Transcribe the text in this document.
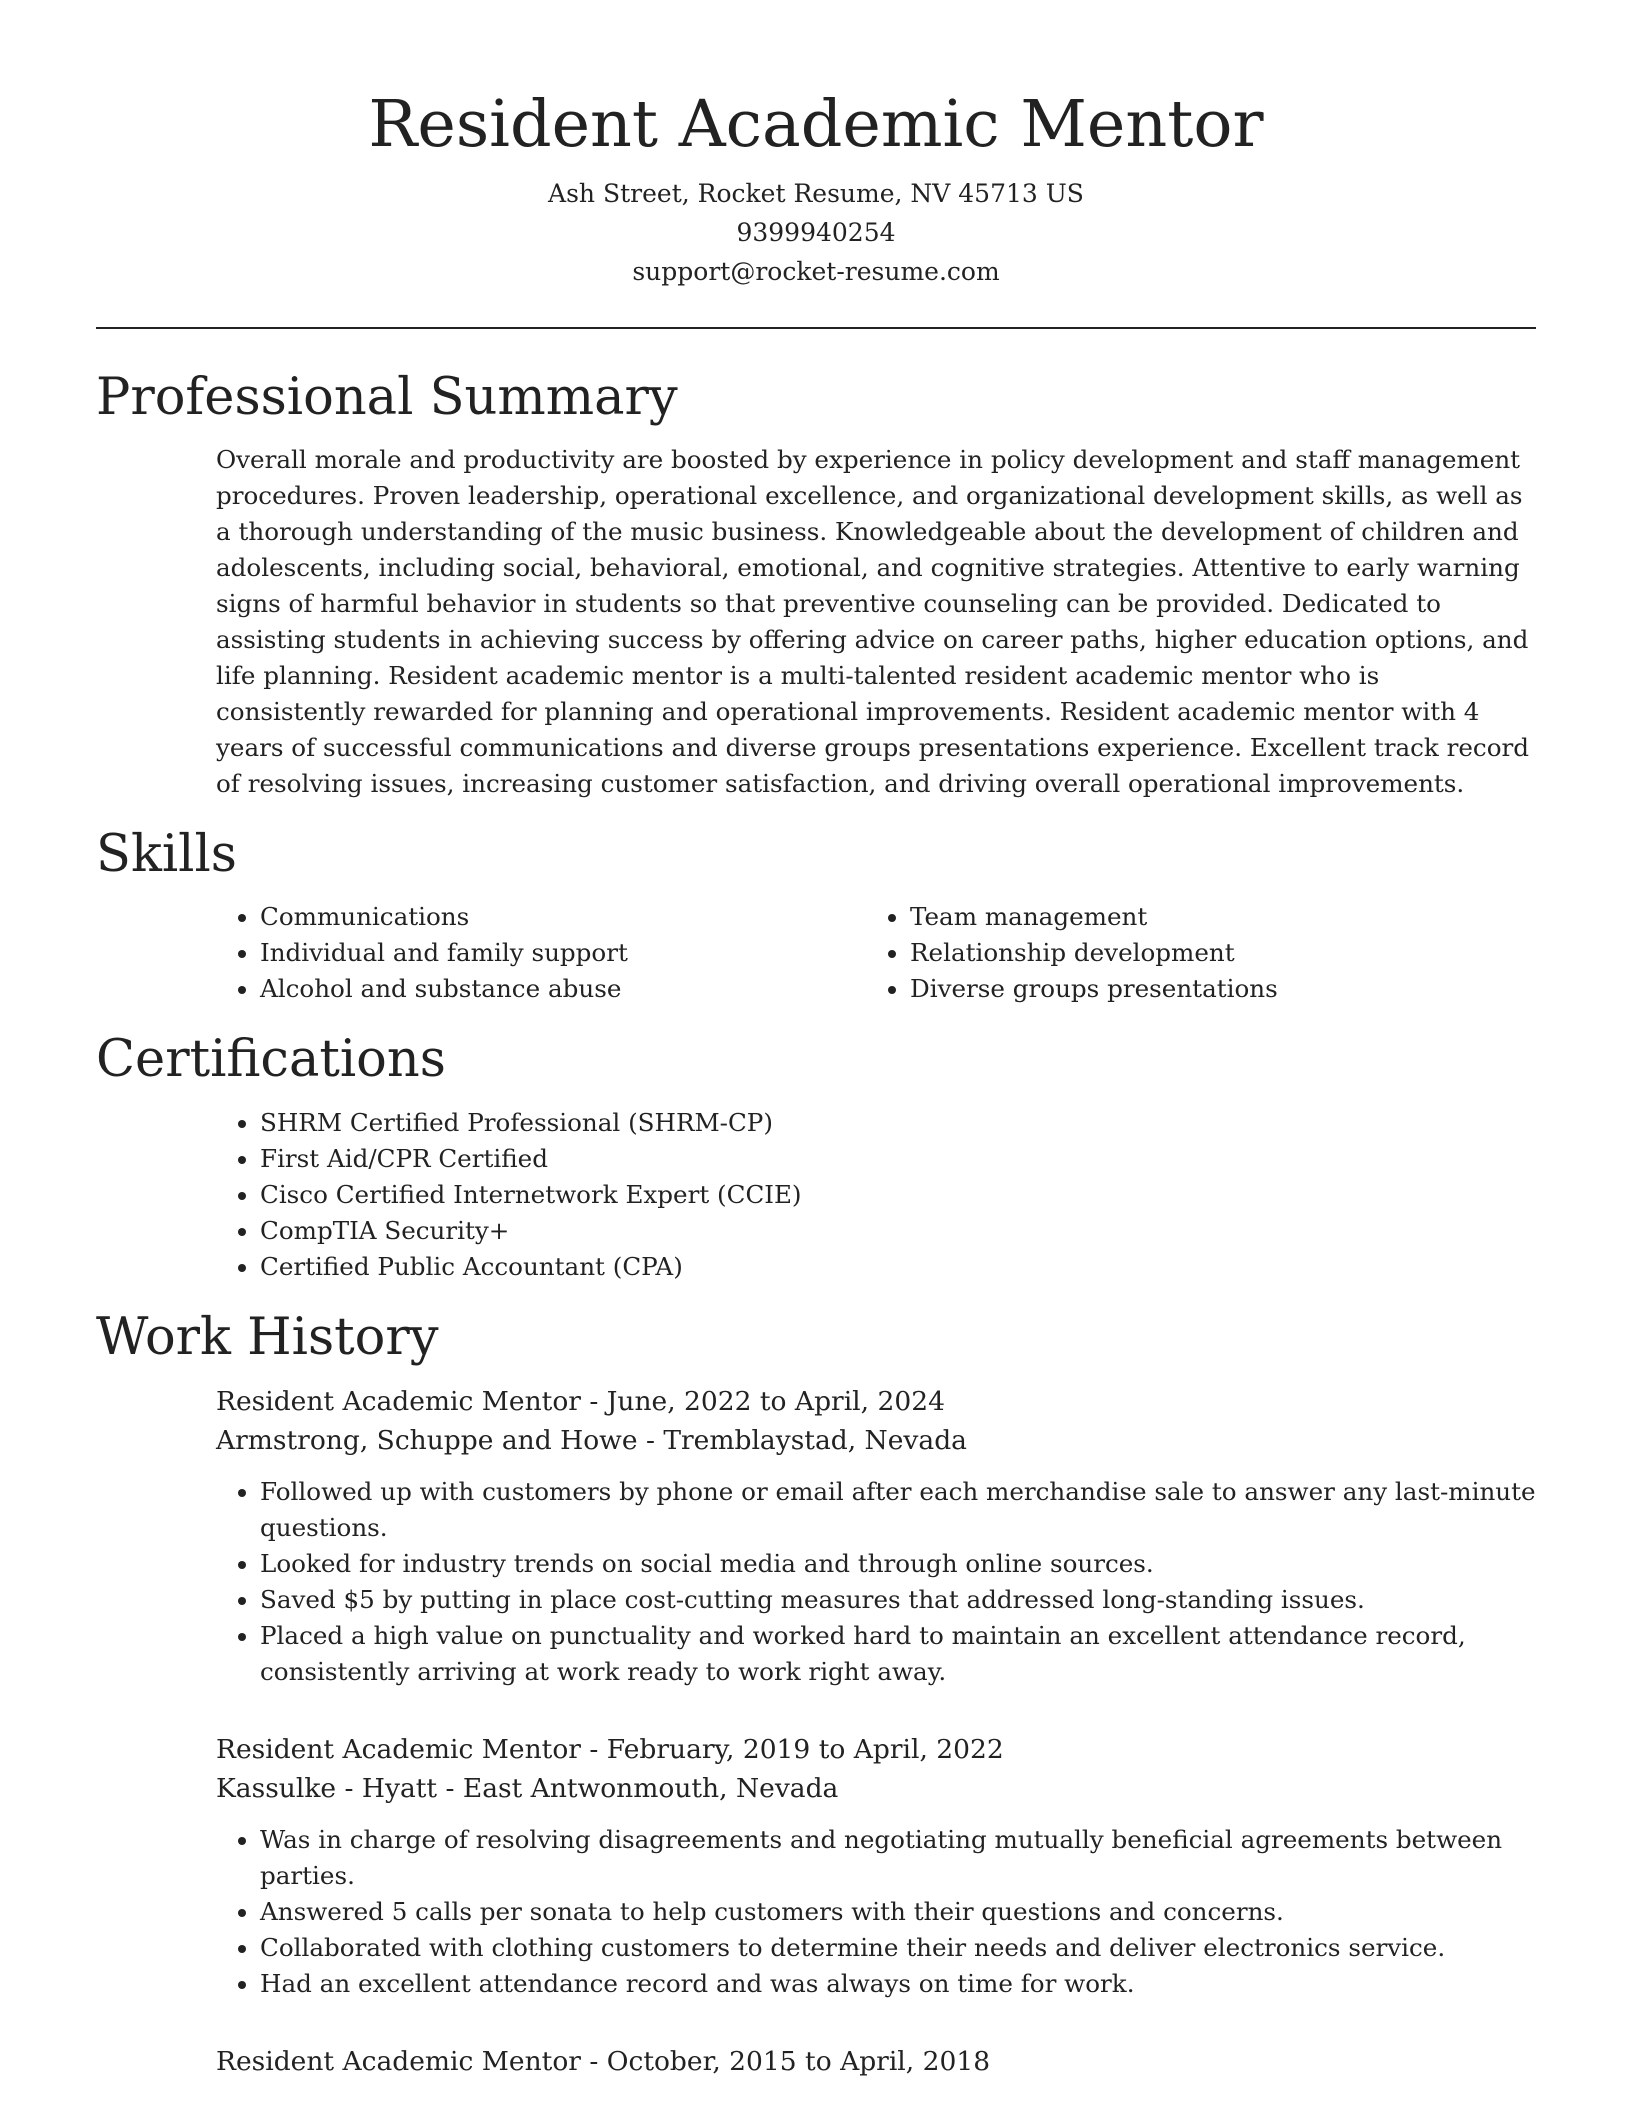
Resident Academic Mentor

Ash Street, Rocket Resume, NV 45713 US

9399940254

support@rocket-resume.com

Professional Summary

Overall morale and productivity are boosted by experience in policy development and staff management procedures. Proven leadership, operational excellence, and organizational development skills, as well as a thorough understanding of the music business. Knowledgeable about the development of children and adolescents, including social, behavioral, emotional, and cognitive strategies. Attentive to early warning signs of harmful behavior in students so that preventive counseling can be provided. Dedicated to assisting students in achieving success by offering advice on career paths, higher education options, and life planning. Resident academic mentor is a multi-talented resident academic mentor who is consistently rewarded for planning and operational improvements. Resident academic mentor with 4 years of successful communications and diverse groups presentations experience. Excellent track record of resolving issues, increasing customer satisfaction, and driving overall operational improvements.

Skills
• Communications
• Individual and family support
• Alcohol and substance abuse
• Team management
• Relationship development
• Diverse groups presentations
Certifications
• SHRM Certified Professional (SHRM-CP)
• First Aid/CPR Certified
• Cisco Certified Internetwork Expert (CCIE)
• CompTIA Security+
• Certified Public Accountant (CPA)
Work History

Resident Academic Mentor - June, 2022 to April, 2024

Armstrong, Schuppe and Howe - Tremblaystad, Nevada

• Followed up with customers by phone or email after each merchandise sale to answer any last-minute questions.
• Looked for industry trends on social media and through online sources.
• Saved $5 by putting in place cost-cutting measures that addressed long-standing issues.
• Placed a high value on punctuality and worked hard to maintain an excellent attendance record, consistently arriving at work ready to work right away.

Resident Academic Mentor - February, 2019 to April, 2022

Kassulke - Hyatt - East Antwonmouth, Nevada

• Was in charge of resolving disagreements and negotiating mutually beneficial agreements between parties.
• Answered 5 calls per sonata to help customers with their questions and concerns.
• Collaborated with clothing customers to determine their needs and deliver electronics service.
• Had an excellent attendance record and was always on time for work.

Resident Academic Mentor - October, 2015 to April, 2018
